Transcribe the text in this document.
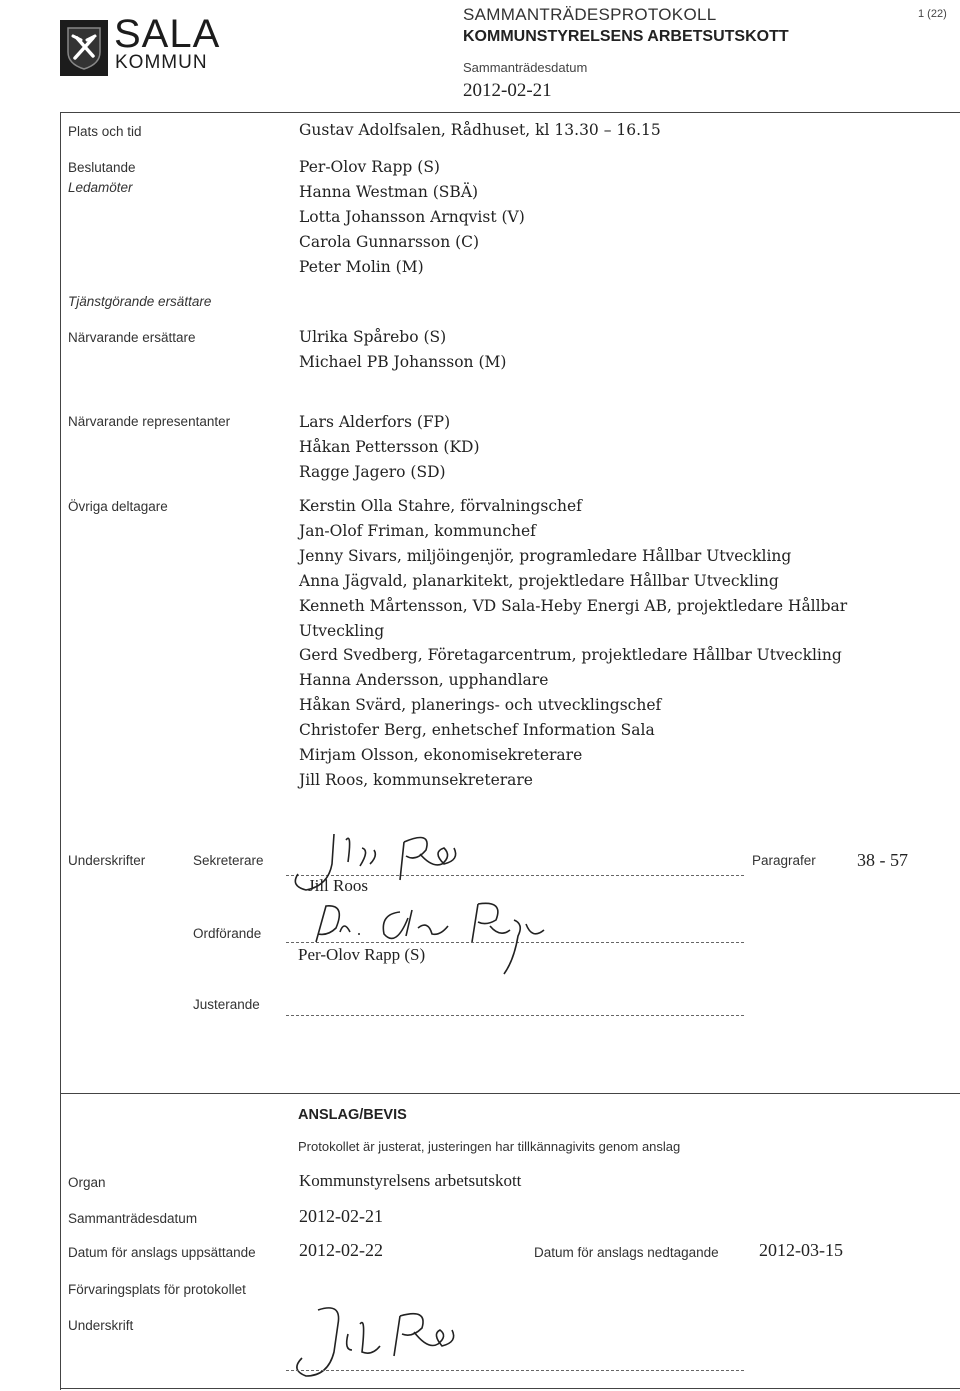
SALA
KOMMUN
SAMMANTRÄDESPROTOKOLL
KOMMUNSTYRELSENS ARBETSUTSKOTT
Sammanträdesdatum
2012-02-21
1 (22)
Plats och tid	Gustav Adolfsalen, Rådhuset, kl 13.30 – 16.15
Beslutande
Ledamöter
Per-Olov Rapp (S)
Hanna Westman (SBÄ)
Lotta Johansson Arnqvist (V)
Carola Gunnarsson (C)
Peter Molin (M)
Tjänstgörande ersättare
Närvarande ersättare	Ulrika Spårebo (S)
Michael PB Johansson (M)
Närvarande representanter	Lars Alderfors (FP)
Håkan Pettersson (KD)
Ragge Jagero (SD)
Övriga deltagare	Kerstin Olla Stahre, förvalningschef
Jan-Olof Friman, kommunchef
Jenny Sivars, miljöingenjör, programledare Hållbar Utveckling
Anna Jägvald, planarkitekt, projektledare Hållbar Utveckling
Kenneth Mårtensson, VD Sala-Heby Energi AB, projektledare Hållbar
Utveckling
Gerd Svedberg, Företagarcentrum, projektledare Hållbar Utveckling
Hanna Andersson, upphandlare
Håkan Svärd, planerings- och utvecklingschef
Christofer Berg, enhetschef Information Sala
Mirjam Olsson, ekonomisekreterare
Jill Roos, kommunsekreterare
Underskrifter	Sekreterare
Jill Roos
Paragrafer 38 - 57
Ordförande
Per-Olov Rapp (S)
Justerande
ANSLAG/BEVIS
Protokollet är justerat, justeringen har tillkännagivits genom anslag
Organ	Kommunstyrelsens arbetsutskott
Sammanträdesdatum	2012-02-21
Datum för anslags uppsättande 2012-02-22	Datum för anslags nedtagande 2012-03-15
Förvaringsplats för protokollet
Underskrift
